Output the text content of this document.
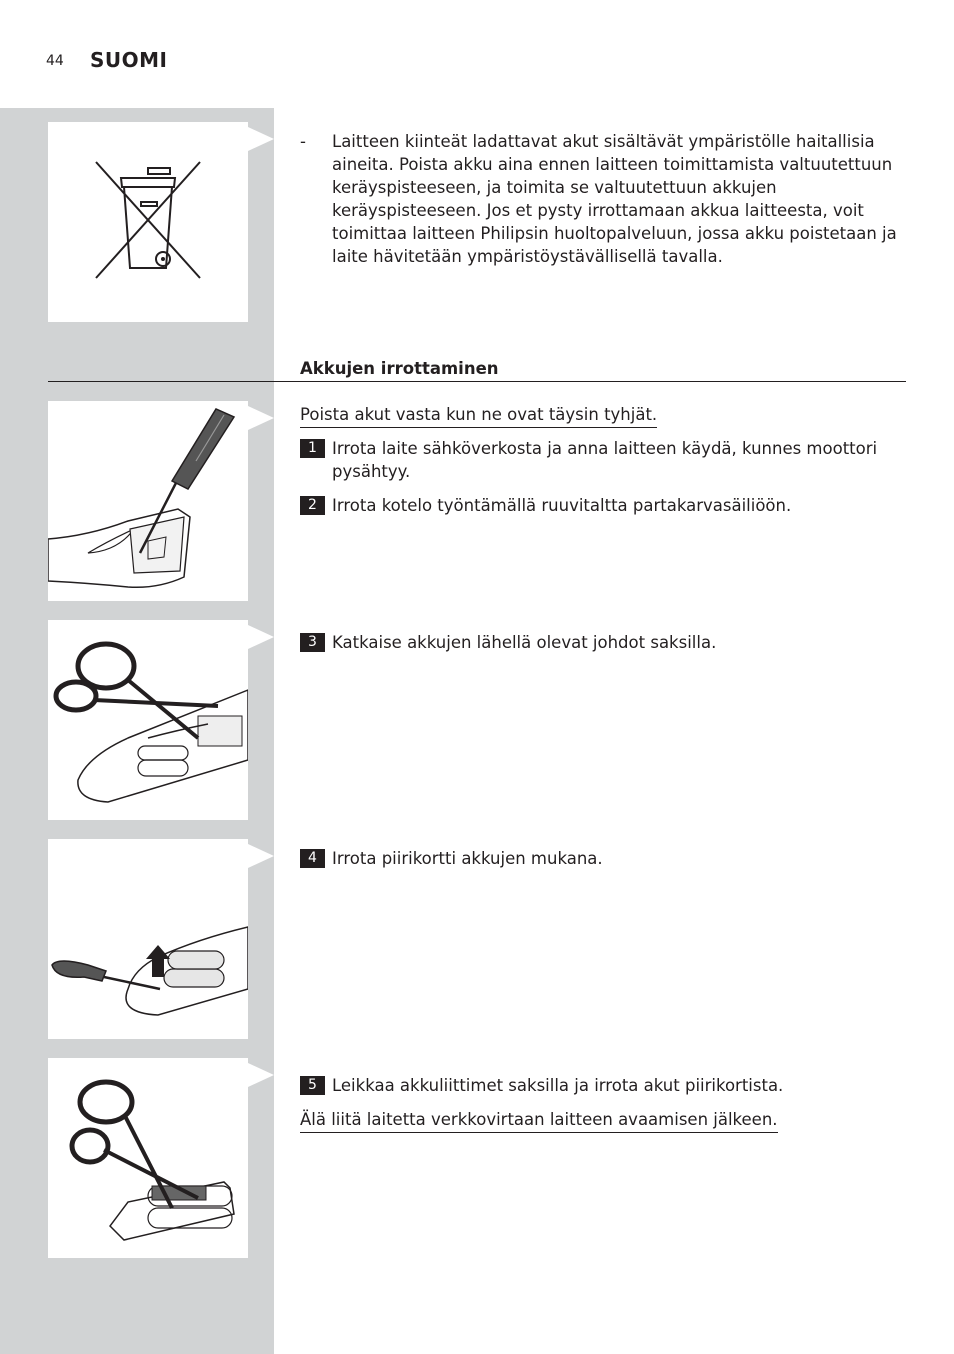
44 SUOMI
- Laitteen kiinteät ladattavat akut sisältävät ympäristölle haitallisia aineita. Poista akku aina ennen laitteen toimittamista valtuutettuun keräyspisteeseen, ja toimita se valtuutettuun akkujen keräyspisteeseen. Jos et pysty irrottamaan akkua laitteesta, voit toimittaa laitteen Philipsin huoltopalveluun, jossa akku poistetaan ja laite hävitetään ympäristöystävällisellä tavalla.
Akkujen irrottaminen
Poista akut vasta kun ne ovat täysin tyhjät.
1 Irrota laite sähköverkosta ja anna laitteen käydä, kunnes moottori pysähtyy.
2 Irrota kotelo työntämällä ruuvitaltta partakarvasäiliöön.
3 Katkaise akkujen lähellä olevat johdot saksilla.
4 Irrota piirikortti akkujen mukana.
5 Leikkaa akkuliittimet saksilla ja irrota akut piirikortista.
Älä liitä laitetta verkkovirtaan laitteen avaamisen jälkeen.
